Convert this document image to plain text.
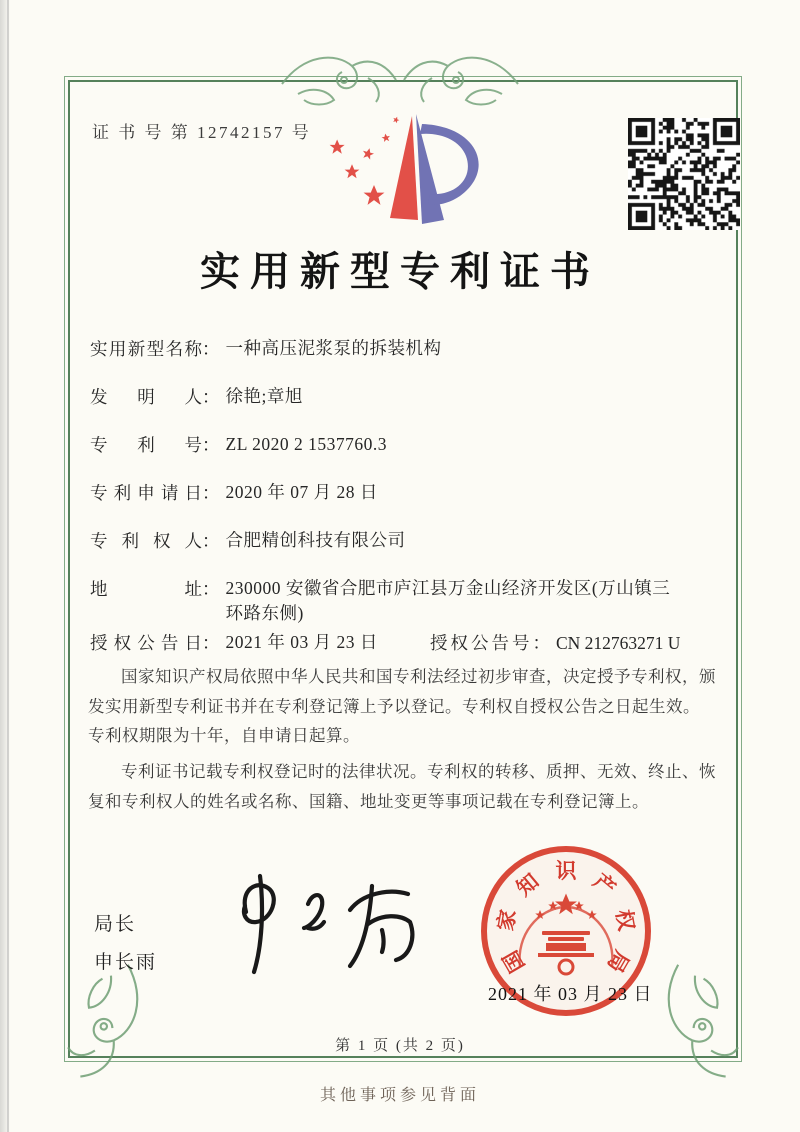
证 书 号 第 12742157 号
实用新型专利证书
实用新型名称： 一种高压泥浆泵的拆装机构
发明人： 徐艳;章旭
专利号： ZL 2020 2 1537760.3
专利申请日： 2020 年 07 月 28 日
专利权人： 合肥精创科技有限公司
地址： 230000 安徽省合肥市庐江县万金山经济开发区(万山镇三环路东侧)
授权公告日： 2021 年 03 月 23 日	授权公告号： CN 212763271 U

国家知识产权局依照中华人民共和国专利法经过初步审查，决定授予专利权，颁发实用新型专利证书并在专利登记簿上予以登记。专利权自授权公告之日起生效。专利权期限为十年，自申请日起算。

专利证书记载专利权登记时的法律状况。专利权的转移、质押、无效、终止、恢复和专利权人的姓名或名称、国籍、地址变更等事项记载在专利登记簿上。

局长
申长雨	国
家
知 识 产
权
局
2021 年 03 月 23 日
第 1 页 (共 2 页)
其他事项参见背面
